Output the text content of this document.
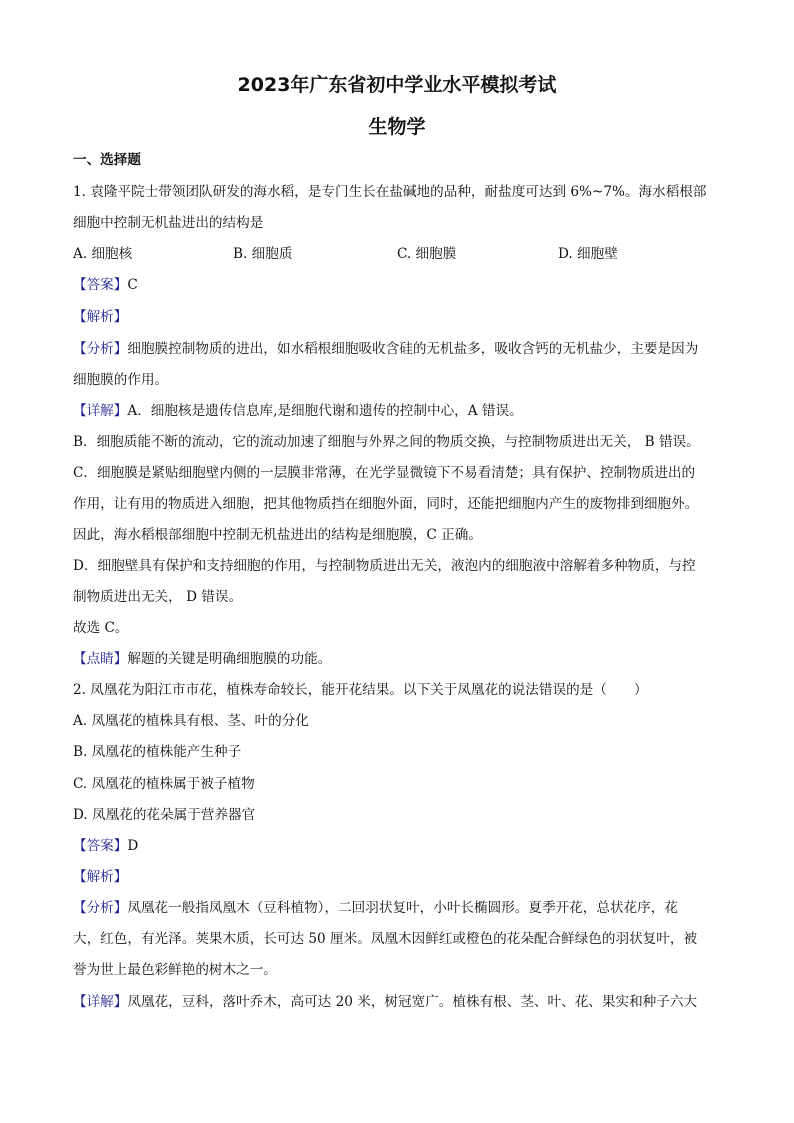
2023年广东省初中学业水平模拟考试
生物学
一、选择题
1. 袁隆平院士带领团队研发的海水稻，是专门生长在盐碱地的品种，耐盐度可达到 6%~7%。海水稻根部
细胞中控制无机盐进出的结构是
A. 细胞核	B. 细胞质	C. 细胞膜	D. 细胞壁
【答案】C
【解析】
【分析】细胞膜控制物质的进出，如水稻根细胞吸收含硅的无机盐多，吸收含钙的无机盐少，主要是因为
细胞膜的作用。
【详解】A．细胞核是遗传信息库,是细胞代谢和遗传的控制中心，A 错误。
B．细胞质能不断的流动，它的流动加速了细胞与外界之间的物质交换，与控制物质进出无关， B 错误。
C．细胞膜是紧贴细胞壁内侧的一层膜非常薄，在光学显微镜下不易看清楚；具有保护、控制物质进出的
作用，让有用的物质进入细胞，把其他物质挡在细胞外面，同时，还能把细胞内产生的废物排到细胞外。
因此，海水稻根部细胞中控制无机盐进出的结构是细胞膜，C 正确。
D．细胞壁具有保护和支持细胞的作用，与控制物质进出无关，液泡内的细胞液中溶解着多种物质，与控
制物质进出无关， D 错误。
故选 C。
【点睛】解题的关键是明确细胞膜的功能。
2. 凤凰花为阳江市市花，植株寿命较长，能开花结果。以下关于凤凰花的说法错误的是（　　）
A. 凤凰花的植株具有根、茎、叶的分化
B. 凤凰花的植株能产生种子
C. 凤凰花的植株属于被子植物
D. 凤凰花的花朵属于营养器官
【答案】D
【解析】
【分析】凤凰花一般指凤凰木（豆科植物），二回羽状复叶，小叶长椭圆形。夏季开花，总状花序，花
大，红色，有光泽。荚果木质，长可达 50 厘米。凤凰木因鲜红或橙色的花朵配合鲜绿色的羽状复叶，被
誉为世上最色彩鲜艳的树木之一。
【详解】凤凰花，豆科，落叶乔木，高可达 20 米，树冠宽广。植株有根、茎、叶、花、果实和种子六大
